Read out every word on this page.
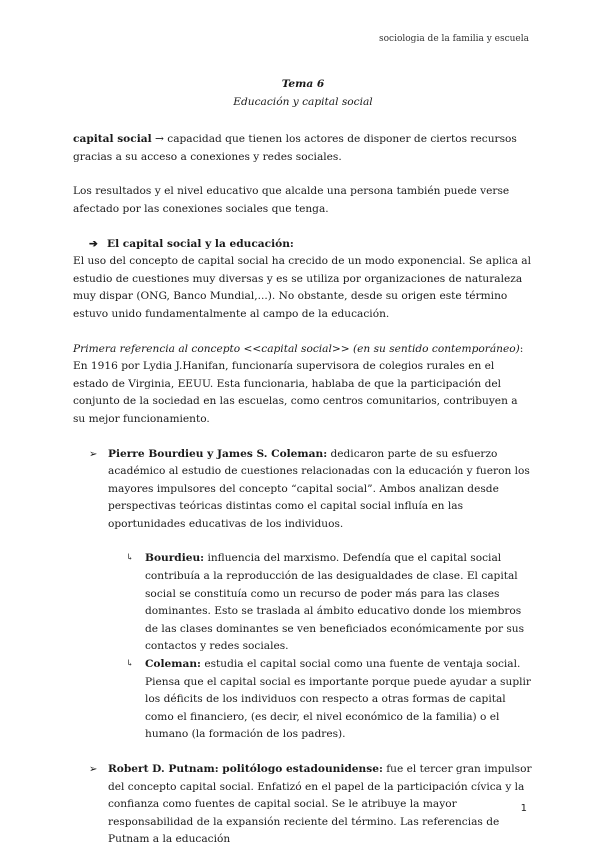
sociologia de la familia y escuela

Tema 6
Educación y capital social

capital social → capacidad que tienen los actores de disponer de ciertos recursos gracias a su acceso a conexiones y redes sociales.

Los resultados y el nivel educativo que alcalde una persona también puede verse afectado por las conexiones sociales que tenga.

➔ El capital social y la educación:

El uso del concepto de capital social ha crecido de un modo exponencial. Se aplica al estudio de cuestiones muy diversas y es se utiliza por organizaciones de naturaleza muy dispar (ONG, Banco Mundial,...). No obstante, desde su origen este término estuvo unido fundamentalmente al campo de la educación.

Primera referencia al concepto <<capital social>> (en su sentido contemporáneo):
En 1916 por Lydia J.Hanifan, funcionaría supervisora de colegios rurales en el estado de Virginia, EEUU. Esta funcionaria, hablaba de que la participación del conjunto de la sociedad en las escuelas, como centros comunitarios, contribuyen a su mejor funcionamiento.

➢ Pierre Bourdieu y James S. Coleman: dedicaron parte de su esfuerzo académico al estudio de cuestiones relacionadas con la educación y fueron los mayores impulsores del concepto “capital social”. Ambos analizan desde perspectivas teóricas distintas como el capital social influía en las oportunidades educativas de los individuos.

↳ Bourdieu: influencia del marxismo. Defendía que el capital social contribuía a la reproducción de las desigualdades de clase. El capital social se constituía como un recurso de poder más para las clases dominantes. Esto se traslada al ámbito educativo donde los miembros de las clases dominantes se ven beneficiados económicamente por sus contactos y redes sociales.

↳ Coleman: estudia el capital social como una fuente de ventaja social. Piensa que el capital social es importante porque puede ayudar a suplir los déficits de los individuos con respecto a otras formas de capital como el financiero, (es decir, el nivel económico de la familia) o el humano (la formación de los padres).

➢ Robert D. Putnam: politólogo estadounidense: fue el tercer gran impulsor del concepto capital social. Enfatizó en el papel de la participación cívica y la confianza como fuentes de capital social. Se le atribuye la mayor responsabilidad de la expansión reciente del término. Las referencias de Putnam a la educación

1
